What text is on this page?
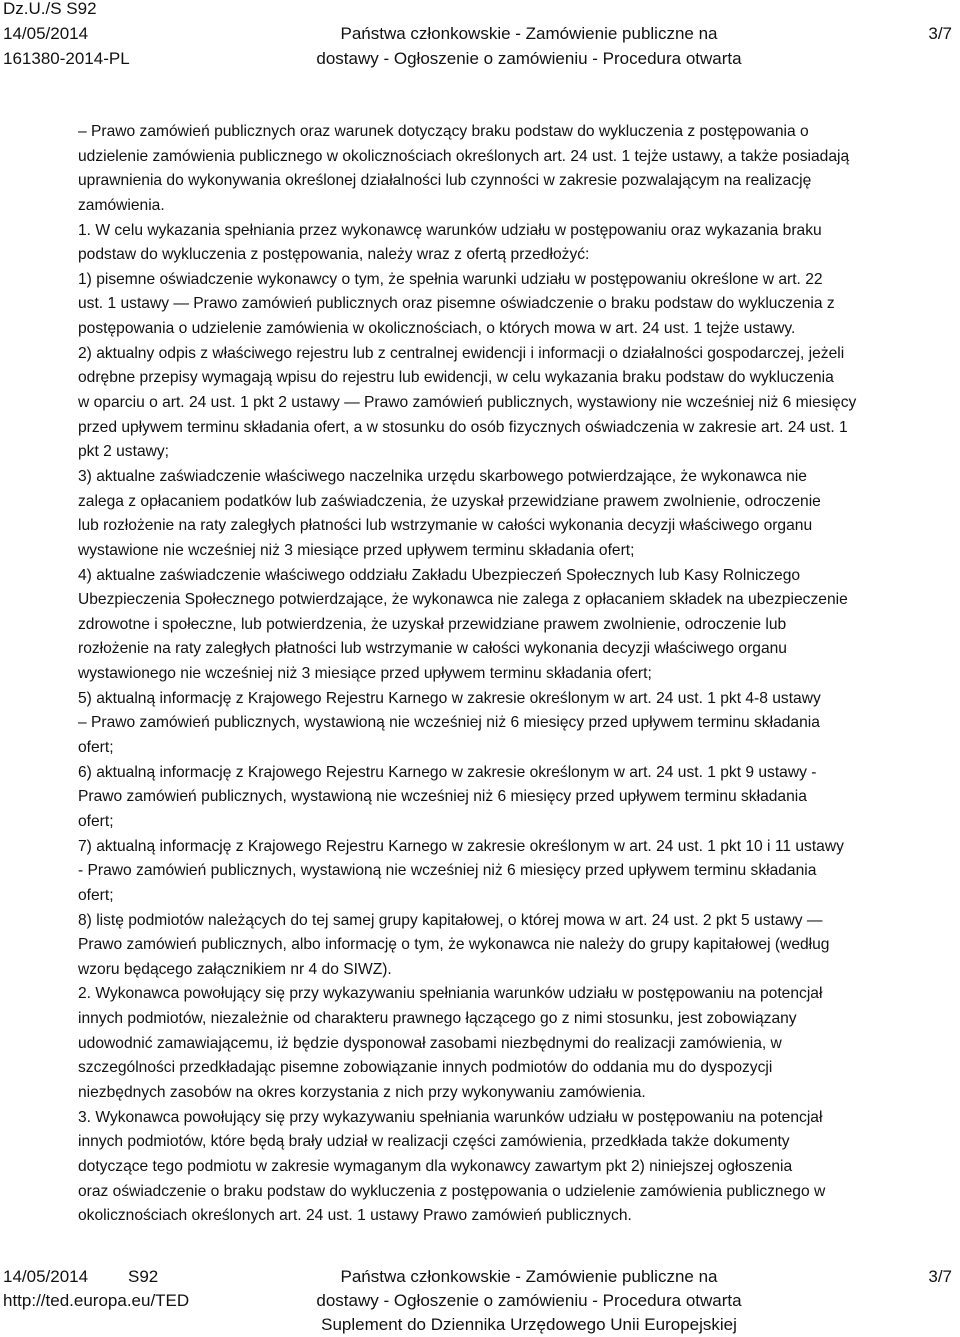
Dz.U./S S92
14/05/2014
161380-2014-PL
Państwa członkowskie - Zamówienie publiczne na
dostawy - Ogłoszenie o zamówieniu - Procedura otwarta
3/7
– Prawo zamówień publicznych oraz warunek dotyczący braku podstaw do wykluczenia z postępowania o
udzielenie zamówienia publicznego w okolicznościach określonych art. 24 ust. 1 tejże ustawy, a także posiadają
uprawnienia do wykonywania określonej działalności lub czynności w zakresie pozwalającym na realizację
zamówienia.
1. W celu wykazania spełniania przez wykonawcę warunków udziału w postępowaniu oraz wykazania braku
podstaw do wykluczenia z postępowania, należy wraz z ofertą przedłożyć:
1) pisemne oświadczenie wykonawcy o tym, że spełnia warunki udziału w postępowaniu określone w art. 22
ust. 1 ustawy — Prawo zamówień publicznych oraz pisemne oświadczenie o braku podstaw do wykluczenia z
postępowania o udzielenie zamówienia w okolicznościach, o których mowa w art. 24 ust. 1 tejże ustawy.
2) aktualny odpis z właściwego rejestru lub z centralnej ewidencji i informacji o działalności gospodarczej, jeżeli
odrębne przepisy wymagają wpisu do rejestru lub ewidencji, w celu wykazania braku podstaw do wykluczenia
w oparciu o art. 24 ust. 1 pkt 2 ustawy — Prawo zamówień publicznych, wystawiony nie wcześniej niż 6 miesięcy
przed upływem terminu składania ofert, a w stosunku do osób fizycznych oświadczenia w zakresie art. 24 ust. 1
pkt 2 ustawy;
3) aktualne zaświadczenie właściwego naczelnika urzędu skarbowego potwierdzające, że wykonawca nie
zalega z opłacaniem podatków lub zaświadczenia, że uzyskał przewidziane prawem zwolnienie, odroczenie
lub rozłożenie na raty zaległych płatności lub wstrzymanie w całości wykonania decyzji właściwego organu
wystawione nie wcześniej niż 3 miesiące przed upływem terminu składania ofert;
4) aktualne zaświadczenie właściwego oddziału Zakładu Ubezpieczeń Społecznych lub Kasy Rolniczego
Ubezpieczenia Społecznego potwierdzające, że wykonawca nie zalega z opłacaniem składek na ubezpieczenie
zdrowotne i społeczne, lub potwierdzenia, że uzyskał przewidziane prawem zwolnienie, odroczenie lub
rozłożenie na raty zaległych płatności lub wstrzymanie w całości wykonania decyzji właściwego organu
wystawionego nie wcześniej niż 3 miesiące przed upływem terminu składania ofert;
5) aktualną informację z Krajowego Rejestru Karnego w zakresie określonym w art. 24 ust. 1 pkt 4-8 ustawy
– Prawo zamówień publicznych, wystawioną nie wcześniej niż 6 miesięcy przed upływem terminu składania
ofert;
6) aktualną informację z Krajowego Rejestru Karnego w zakresie określonym w art. 24 ust. 1 pkt 9 ustawy -
Prawo zamówień publicznych, wystawioną nie wcześniej niż 6 miesięcy przed upływem terminu składania
ofert;
7) aktualną informację z Krajowego Rejestru Karnego w zakresie określonym w art. 24 ust. 1 pkt 10 i 11 ustawy
- Prawo zamówień publicznych, wystawioną nie wcześniej niż 6 miesięcy przed upływem terminu składania
ofert;
8) listę podmiotów należących do tej samej grupy kapitałowej, o której mowa w art. 24 ust. 2 pkt 5 ustawy —
Prawo zamówień publicznych, albo informację o tym, że wykonawca nie należy do grupy kapitałowej (według
wzoru będącego załącznikiem nr 4 do SIWZ).
2. Wykonawca powołujący się przy wykazywaniu spełniania warunków udziału w postępowaniu na potencjał
innych podmiotów, niezależnie od charakteru prawnego łączącego go z nimi stosunku, jest zobowiązany
udowodnić zamawiającemu, iż będzie dysponował zasobami niezbędnymi do realizacji zamówienia, w
szczególności przedkładając pisemne zobowiązanie innych podmiotów do oddania mu do dyspozycji
niezbędnych zasobów na okres korzystania z nich przy wykonywaniu zamówienia.
3. Wykonawca powołujący się przy wykazywaniu spełniania warunków udziału w postępowaniu na potencjał
innych podmiotów, które będą brały udział w realizacji części zamówienia, przedkłada także dokumenty
dotyczące tego podmiotu w zakresie wymaganym dla wykonawcy zawartym pkt 2) niniejszej ogłoszenia
oraz oświadczenie o braku podstaw do wykluczenia z postępowania o udzielenie zamówienia publicznego w
okolicznościach określonych art. 24 ust. 1 ustawy Prawo zamówień publicznych.
14/05/2014 S92
http://ted.europa.eu/TED
Państwa członkowskie - Zamówienie publiczne na
dostawy - Ogłoszenie o zamówieniu - Procedura otwarta
Suplement do Dziennika Urzędowego Unii Europejskiej
3/7
